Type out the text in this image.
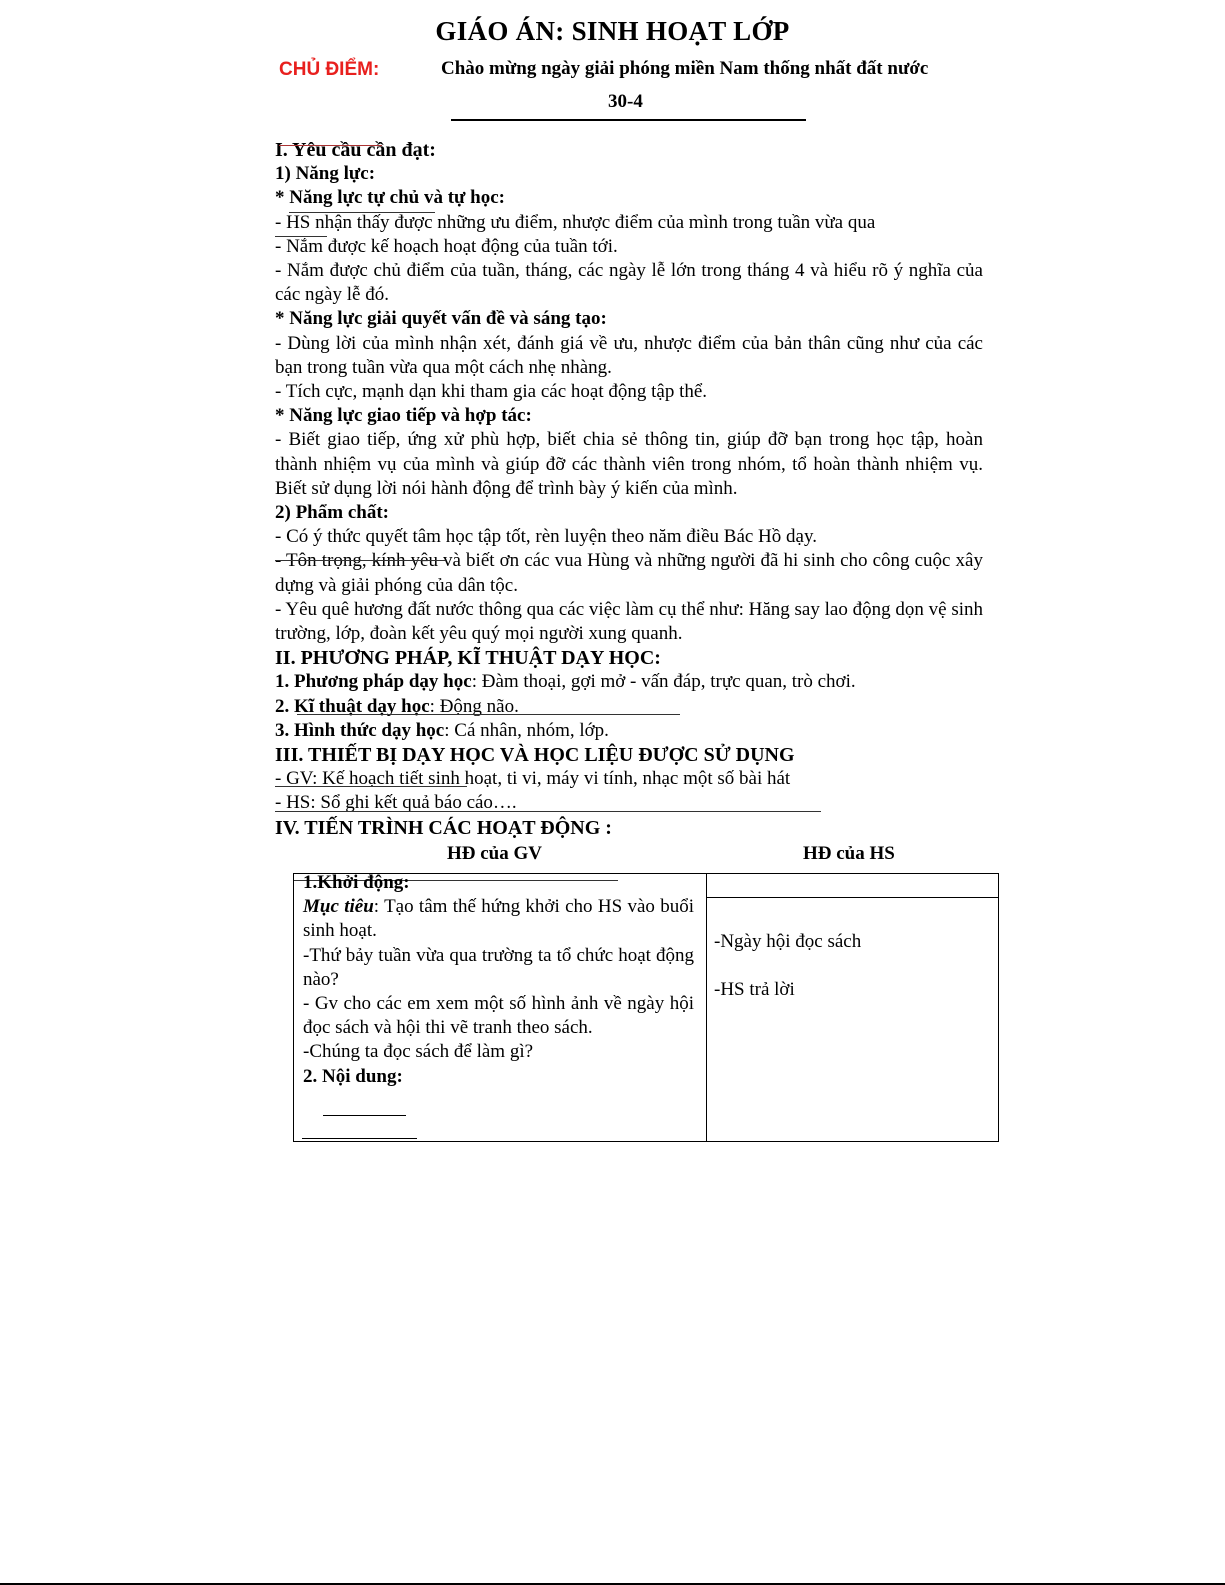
GIÁO ÁN: SINH HOẠT LỚP
CHỦ ĐIỂM:	Chào mừng ngày giải phóng miền Nam thống nhất đất nước
30-4

I. Yêu cầu cần đạt:

1) Năng lực:

* Năng lực tự chủ và tự học:

- HS nhận thấy được những ưu điểm, nhược điểm của mình trong tuần vừa qua

- Nắm được kế hoạch hoạt động của tuần tới.

- Nắm được chủ điểm của tuần, tháng, các ngày lễ lớn trong tháng 4 và hiểu rõ ý nghĩa của các ngày lễ đó.

* Năng lực giải quyết vấn đề và sáng tạo:

- Dùng lời của mình nhận xét, đánh giá về ưu, nhược điểm của bản thân cũng như của các bạn trong tuần vừa qua một cách nhẹ nhàng.

- Tích cực, mạnh dạn khi tham gia các hoạt động tập thể.

* Năng lực giao tiếp và hợp tác:

- Biết giao tiếp, ứng xử phù hợp, biết chia sẻ thông tin, giúp đỡ bạn trong học tập, hoàn thành nhiệm vụ của mình và giúp đỡ các thành viên trong nhóm, tổ hoàn thành nhiệm vụ. Biết sử dụng lời nói hành động để trình bày ý kiến của mình.

2) Phẩm chất:

- Có ý thức quyết tâm học tập tốt, rèn luyện theo năm điều Bác Hồ dạy.

- Tôn trọng, kính yêu và biết ơn các vua Hùng và những người đã hi sinh cho công cuộc xây dựng và giải phóng của dân tộc.

- Yêu quê hương đất nước thông qua các việc làm cụ thể như: Hăng say lao động dọn vệ sinh trường, lớp, đoàn kết yêu quý mọi người xung quanh.

II. PHƯƠNG PHÁP, KĨ THUẬT DẠY HỌC:

1. Phương pháp dạy học: Đàm thoại, gợi mở - vấn đáp, trực quan, trò chơi.

2. Kĩ thuật dạy học: Động não.

3. Hình thức dạy học: Cá nhân, nhóm, lớp.

III. THIẾT BỊ DẠY HỌC VÀ HỌC LIỆU ĐƯỢC SỬ DỤNG

- GV: Kế hoạch tiết sinh hoạt, ti vi, máy vi tính, nhạc một số bài hát

- HS: Sổ ghi kết quả báo cáo….

IV. TIẾN TRÌNH CÁC HOẠT ĐỘNG :

HĐ của GV	HĐ của HS

1.Khởi động:

Mục tiêu: Tạo tâm thế hứng khởi cho HS vào buổi sinh hoạt.

-Thứ bảy tuần vừa qua trường ta tổ chức hoạt động nào?

- Gv cho các em xem một số hình ảnh về ngày hội đọc sách và hội thi vẽ tranh theo sách.

-Chúng ta đọc sách để làm gì?

2. Nội dung:

-Ngày hội đọc sách
-HS trả lời
